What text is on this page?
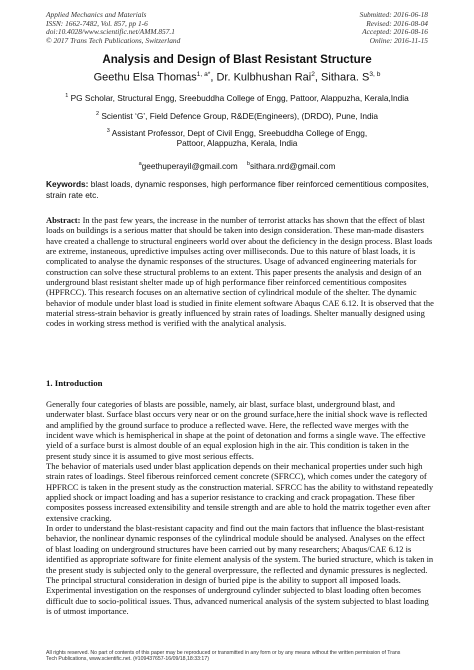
Applied Mechanics and Materials
ISSN: 1662-7482, Vol. 857, pp 1-6
doi:10.4028/www.scientific.net/AMM.857.1
© 2017 Trans Tech Publications, Switzerland
Submitted: 2016-06-18
Revised: 2016-08-04
Accepted: 2016-08-16
Online: 2016-11-15
Analysis and Design of Blast Resistant Structure
Geethu Elsa Thomas$^{1, a*}$, Dr. Kulbhushan Rai$^2$, Sithara. S$^{3, b}$
$^1$ PG Scholar, Structural Engg, Sreebuddha College of Engg, Pattoor, Alappuzha, Kerala,India
$^2$ Scientist ‘G’, Field Defence Group, R&DE(Engineers), (DRDO), Pune, India
$^3$ Assistant Professor, Dept of Civil Engg, Sreebuddha College of Engg,
Pattoor, Alappuzha, Kerala, India
$^a$geethuperayil@gmail.com $^b$sithara.nrd@gmail.com
Keywords: blast loads, dynamic responses, high performance fiber reinforced cementitious composites, strain rate etc.
Abstract: In the past few years, the increase in the number of terrorist attacks has shown that the effect of blast loads on buildings is a serious matter that should be taken into design consideration. These man-made disasters have created a challenge to structural engineers world over about the deficiency in the design process. Blast loads are extreme, instaneous, upredictive impulses acting over milliseconds. Due to this nature of blast loads, it is complicated to analyse the dynamic responses of the structures. Usage of advanced engineering materials for construction can solve these structural problems to an extent. This paper presents the analysis and design of an underground blast resistant shelter made up of high performance fiber reinforced cementitious composites (HPFRCC). This research focuses on an alternative section of cylindrical module of the shelter. The dynamic behavior of module under blast load is studied in finite element software Abaqus CAE 6.12. It is observed that the material stress-strain behavior is greatly influenced by strain rates of loadings. Shelter manually designed using codes in working stress method is verified with the analytical analysis.
1. Introduction

Generally four categories of blasts are possible, namely, air blast, surface blast, underground blast, and underwater blast. Surface blast occurs very near or on the ground surface,here the initial shock wave is reflected and amplified by the ground surface to produce a reflected wave. Here, the reflected wave merges with the incident wave which is hemispherical in shape at the point of detonation and forms a single wave. The effective yield of a surface burst is almost double of an equal explosion high in the air. This condition is taken in the present study since it is assumed to give most serious effects.

The behavior of materials used under blast application depends on their mechanical properties under such high strain rates of loadings. Steel fiberous reinforced cement concrete (SFRCC), which comes under the category of HPFRCC is taken in the present study as the construction material. SFRCC has the ability to withstand repeatedly applied shock or impact loading and has a superior resistance to cracking and crack propagation. These fiber composites possess increased extensibility and tensile strength and are able to hold the matrix together even after extensive cracking.

In order to understand the blast-resistant capacity and find out the main factors that influence the blast-resistant behavior, the nonlinear dynamic responses of the cylindrical module should be analysed. Analyses on the effect of blast loading on underground structures have been carried out by many researchers; Abaqus/CAE 6.12 is identified as appropriate software for finite element analysis of the system. The buried structure, which is taken in the present study is subjected only to the general overpressure, the reflected and dynamic pressures is neglected. The principal structural consideration in design of buried pipe is the ability to support all imposed loads. Experimental investigation on the responses of underground cylinder subjected to blast loading often becomes difficult due to socio-political issues. Thus, advanced numerical analysis of the system subjected to blast loading is of utmost importance.

All rights reserved. No part of contents of this paper may be reproduced or transmitted in any form or by any means without the written permission of Trans
Tech Publications, www.scientific.net. (#109437657-16/09/18,18:33:17)
